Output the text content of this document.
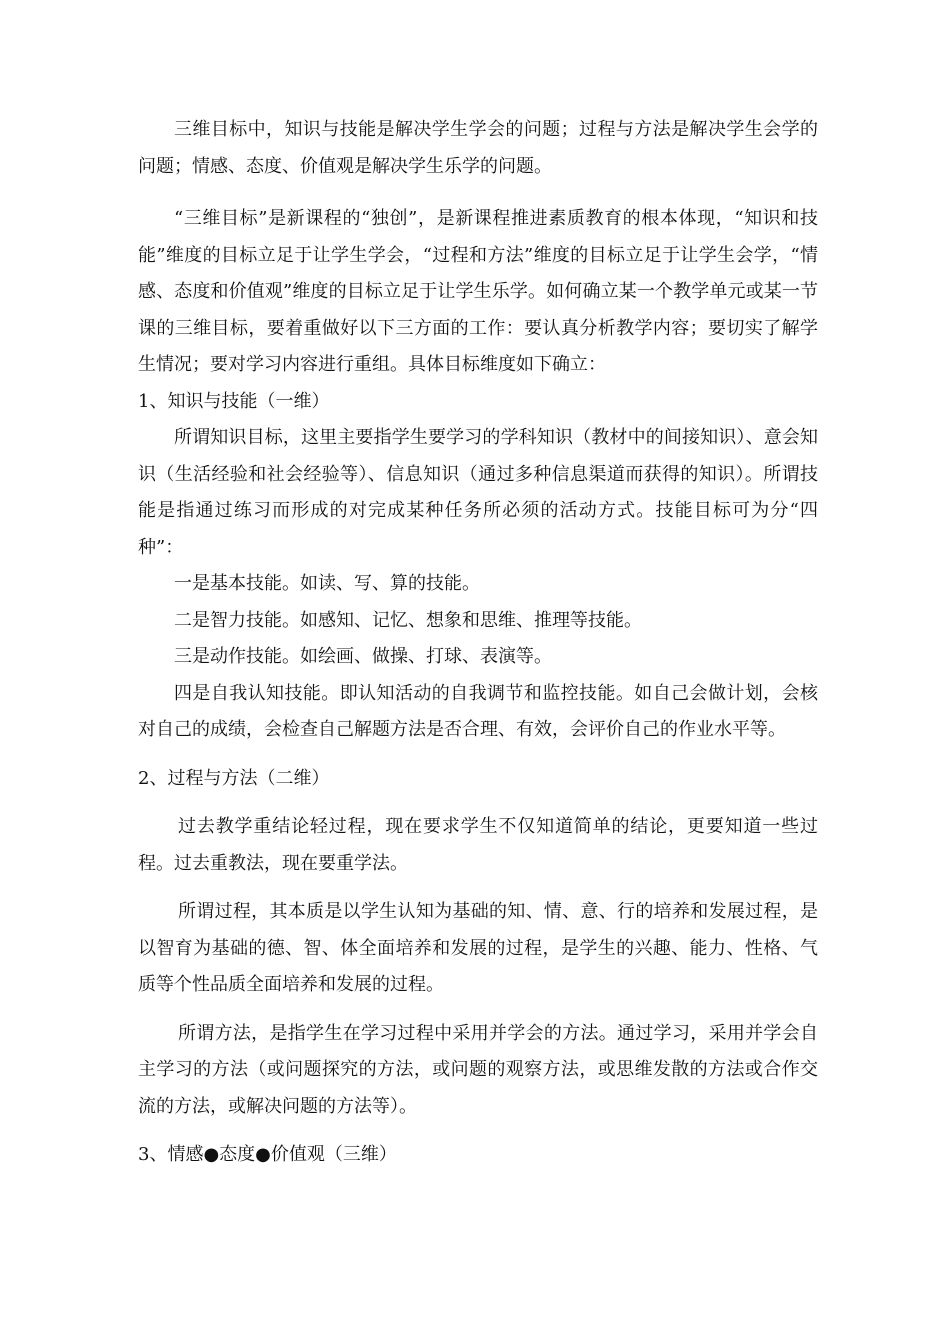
三维目标中，知识与技能是解决学生学会的问题；过程与方法是解决学生会学的问题；情感、态度、价值观是解决学生乐学的问题。

“三维目标”是新课程的“独创”，是新课程推进素质教育的根本体现，“知识和技能”维度的目标立足于让学生学会，“过程和方法”维度的目标立足于让学生会学，“情感、态度和价值观”维度的目标立足于让学生乐学。如何确立某一个教学单元或某一节课的三维目标，要着重做好以下三方面的工作：要认真分析教学内容；要切实了解学生情况；要对学习内容进行重组。具体目标维度如下确立：

1、知识与技能（一维）

所谓知识目标，这里主要指学生要学习的学科知识（教材中的间接知识）、意会知识（生活经验和社会经验等）、信息知识（通过多种信息渠道而获得的知识）。所谓技能是指通过练习而形成的对完成某种任务所必须的活动方式。技能目标可为分“四种”：

一是基本技能。如读、写、算的技能。

二是智力技能。如感知、记忆、想象和思维、推理等技能。

三是动作技能。如绘画、做操、打球、表演等。

四是自我认知技能。即认知活动的自我调节和监控技能。如自己会做计划，会核对自己的成绩，会检查自己解题方法是否合理、有效，会评价自己的作业水平等。

2、过程与方法（二维）

过去教学重结论轻过程，现在要求学生不仅知道简单的结论，更要知道一些过程。过去重教法，现在要重学法。

所谓过程，其本质是以学生认知为基础的知、情、意、行的培养和发展过程，是以智育为基础的德、智、体全面培养和发展的过程，是学生的兴趣、能力、性格、气质等个性品质全面培养和发展的过程。

所谓方法，是指学生在学习过程中采用并学会的方法。通过学习，采用并学会自主学习的方法（或问题探究的方法，或问题的观察方法，或思维发散的方法或合作交流的方法，或解决问题的方法等）。

3、情感●态度●价值观（三维）
